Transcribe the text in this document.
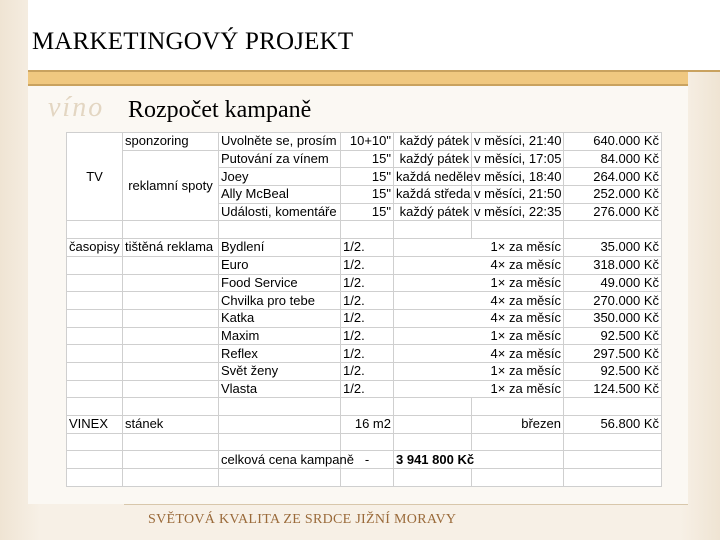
MARKETINGOVÝ PROJEKT
víno Rozpočet kampaně
TV	sponzoring	Uvolněte se, prosím	10+10"	každý pátek	v měsíci, 21:40	640.000 Kč
	reklamní spoty	Putování za vínem	15"	každý pátek	v měsíci, 17:05	84.000 Kč
		Joey	15"	každá neděle	v měsíci, 18:40	264.000 Kč
		Ally McBeal	15"	každá středa	v měsíci, 21:50	252.000 Kč
		Události, komentáře	15"	každý pátek	v měsíci, 22:35	276.000 Kč

časopisy	tištěná reklama	Bydlení	1/2.	1× za měsíc		35.000 Kč
		Euro	1/2.	4× za měsíc		318.000 Kč
		Food Service	1/2.	1× za měsíc		49.000 Kč
		Chvilka pro tebe	1/2.	4× za měsíc		270.000 Kč
		Katka	1/2.	4× za měsíc		350.000 Kč
		Maxim	1/2.	1× za měsíc		92.500 Kč
		Reflex	1/2.	4× za měsíc		297.500 Kč
		Svět ženy	1/2.	1× za měsíc		92.500 Kč
		Vlasta	1/2.	1× za měsíc		124.500 Kč

VINEX	stánek		16 m2		březen	56.800 Kč

		celková cena kampaně	-	3 941 800 Kč		

SVĚTOVÁ KVALITA ZE SRDCE JIŽNÍ MORAVY
